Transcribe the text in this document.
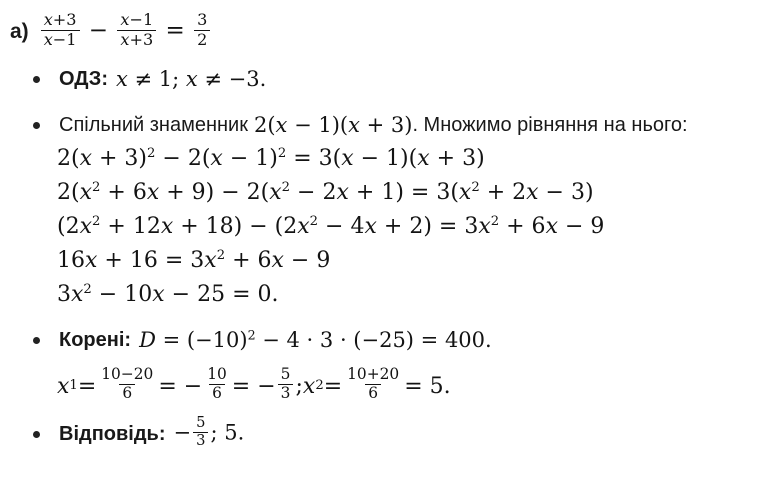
$а) \frac{x+3}{x-1} - \frac{x-1}{x+3} = \frac{3}{2}$
ОДЗ: x ≠ 1; x ≠ −3.
Спільний знаменник 2(x − 1)(x + 3) . Множимо рівняння на нього:
$2(x + 3)^2 - 2(x - 1)^2 = 3(x - 1)(x + 3)$
$2(x^2 + 6x + 9) - 2(x^2 - 2x + 1) = 3(x^2 + 2x - 3)$
$(2x^2 + 12x + 18) - (2x^2 - 4x + 2) = 3x^2 + 6x - 9$
$16x + 16 = 3x^2 + 6x - 9$
$3x^2 - 10x - 25 = 0$.
Корені: $D = (-10)^2 - 4 \cdot 3 \cdot (-25) = 400$.
x $1 = \frac{10-20}{6}$ = − $\frac{10}{6}$ = − $\frac{5}{3}$ ; x $2 = \frac{10+20}{6} = 5$.
Відповідь: − $\frac{5}{3}$ ; 5.
